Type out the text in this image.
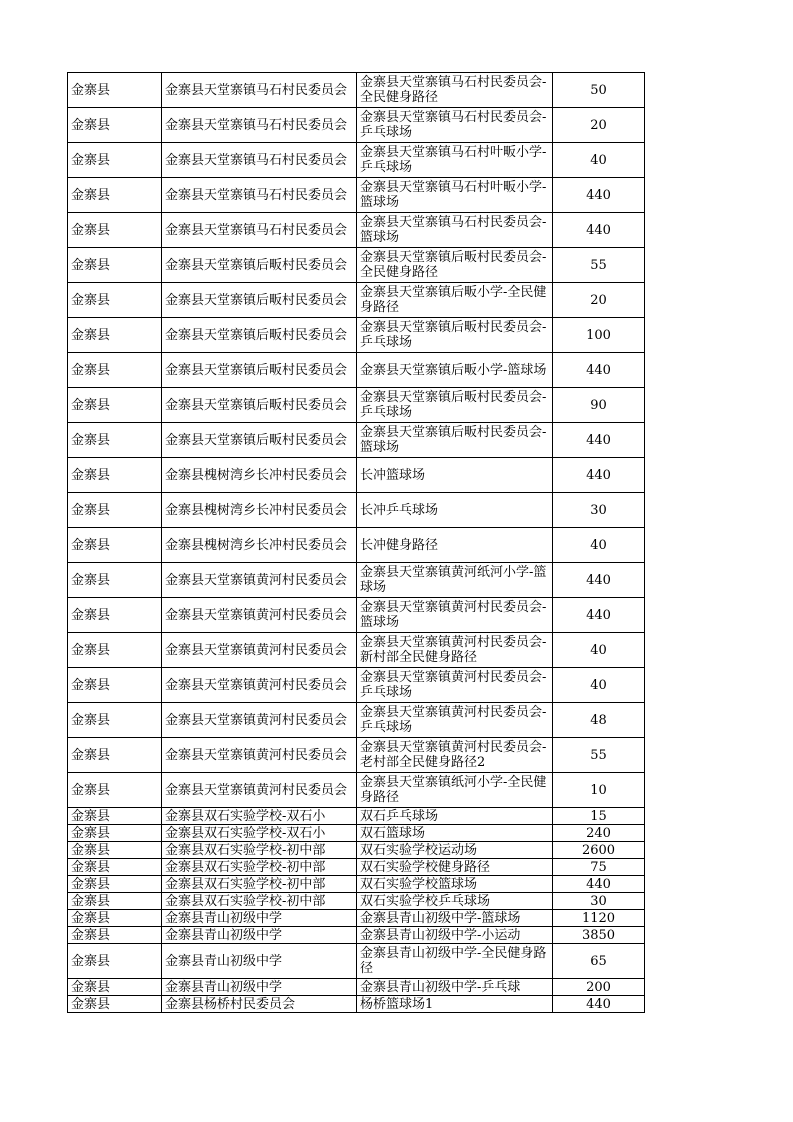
金寨县	金寨县天堂寨镇马石村民委员会	金寨县天堂寨镇马石村民委员会-全民健身路径	50
金寨县	金寨县天堂寨镇马石村民委员会	金寨县天堂寨镇马石村民委员会-乒乓球场	20
金寨县	金寨县天堂寨镇马石村民委员会	金寨县天堂寨镇马石村叶畈小学-乒乓球场	40
金寨县	金寨县天堂寨镇马石村民委员会	金寨县天堂寨镇马石村叶畈小学-篮球场	440
金寨县	金寨县天堂寨镇马石村民委员会	金寨县天堂寨镇马石村民委员会-篮球场	440
金寨县	金寨县天堂寨镇后畈村民委员会	金寨县天堂寨镇后畈村民委员会-全民健身路径	55
金寨县	金寨县天堂寨镇后畈村民委员会	金寨县天堂寨镇后畈小学-全民健身路径	20
金寨县	金寨县天堂寨镇后畈村民委员会	金寨县天堂寨镇后畈村民委员会-乒乓球场	100
金寨县	金寨县天堂寨镇后畈村民委员会	金寨县天堂寨镇后畈小学-篮球场	440
金寨县	金寨县天堂寨镇后畈村民委员会	金寨县天堂寨镇后畈村民委员会-乒乓球场	90
金寨县	金寨县天堂寨镇后畈村民委员会	金寨县天堂寨镇后畈村民委员会-篮球场	440
金寨县	金寨县槐树湾乡长冲村民委员会	长冲篮球场	440
金寨县	金寨县槐树湾乡长冲村民委员会	长冲乒乓球场	30
金寨县	金寨县槐树湾乡长冲村民委员会	长冲健身路径	40
金寨县	金寨县天堂寨镇黄河村民委员会	金寨县天堂寨镇黄河纸河小学-篮球场	440
金寨县	金寨县天堂寨镇黄河村民委员会	金寨县天堂寨镇黄河村民委员会-篮球场	440
金寨县	金寨县天堂寨镇黄河村民委员会	金寨县天堂寨镇黄河村民委员会-新村部全民健身路径	40
金寨县	金寨县天堂寨镇黄河村民委员会	金寨县天堂寨镇黄河村民委员会-乒乓球场	40
金寨县	金寨县天堂寨镇黄河村民委员会	金寨县天堂寨镇黄河村民委员会-乒乓球场	48
金寨县	金寨县天堂寨镇黄河村民委员会	金寨县天堂寨镇黄河村民委员会-老村部全民健身路径2	55
金寨县	金寨县天堂寨镇黄河村民委员会	金寨县天堂寨镇纸河小学-全民健身路径	10
金寨县	金寨县双石实验学校-双石小	双石乒乓球场	15
金寨县	金寨县双石实验学校-双石小	双石篮球场	240
金寨县	金寨县双石实验学校-初中部	双石实验学校运动场	2600
金寨县	金寨县双石实验学校-初中部	双石实验学校健身路径	75
金寨县	金寨县双石实验学校-初中部	双石实验学校篮球场	440
金寨县	金寨县双石实验学校-初中部	双石实验学校乒乓球场	30
金寨县	金寨县青山初级中学	金寨县青山初级中学-篮球场	1120
金寨县	金寨县青山初级中学	金寨县青山初级中学-小运动	3850
金寨县	金寨县青山初级中学	金寨县青山初级中学-全民健身路径	65
金寨县	金寨县青山初级中学	金寨县青山初级中学-乒乓球	200
金寨县	金寨县杨桥村民委员会	杨桥篮球场1	440
